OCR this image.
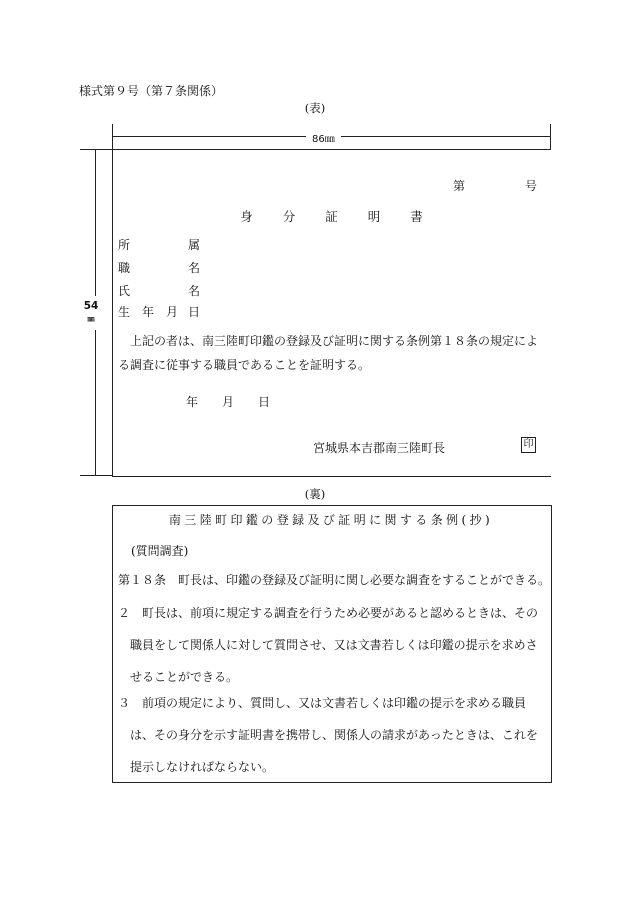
様式第９号（第７条関係）
(表)
86㎜
54
㎜
第	号
身 分 証 明 書
所	属
職	名
氏	名
生　年　月 日
上記の者は、南三陸町印鑑の登録及び証明に関する条例第１８条の規定による調査に従事する職員であることを証明する。
年 月 日
宮城県本吉郡南三陸町長	印
(裏)
南三陸町印鑑の登録及び証明に関する条例(抄)
(質問調査)
第１８条　 町長は、印鑑の登録及び証明に関し必要な調査をすることができる。
２ 町長は、前項に規定する調査を行うため必要があると認めるときは、その職員をして関係人に対して質問させ、又は文書若しくは印鑑の提示を求めさせることができる。
３ 前項の規定により、質問し、又は文書若しくは印鑑の提示を求める職員は、その身分を示す証明書を携帯し、関係人の請求があったときは、これを提示しなければならない。
